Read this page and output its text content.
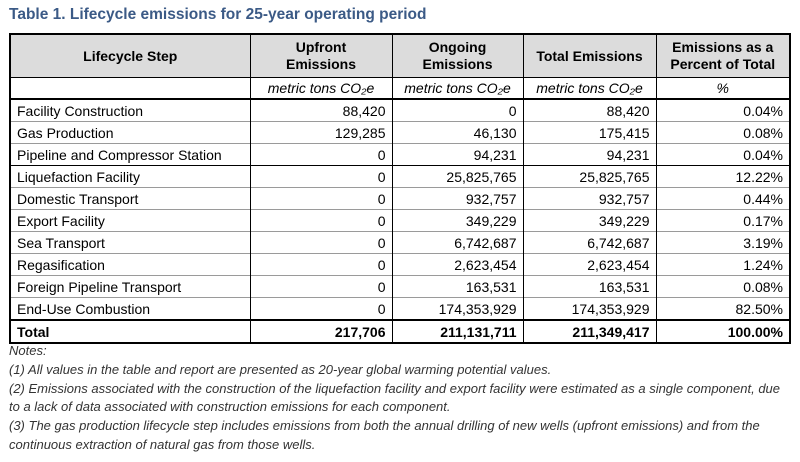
Table 1. Lifecycle emissions for 25-year operating period
Lifecycle Step	Upfront Emissions	Ongoing Emissions	Total Emissions	Emissions as a Percent of Total
	metric tons CO₂e	metric tons CO₂e	metric tons CO₂e	%
Facility Construction	88,420	0	88,420	0.04%
Gas Production	129,285	46,130	175,415	0.08%
Pipeline and Compressor Station	0	94,231	94,231	0.04%
Liquefaction Facility	0	25,825,765	25,825,765	12.22%
Domestic Transport	0	932,757	932,757	0.44%
Export Facility	0	349,229	349,229	0.17%
Sea Transport	0	6,742,687	6,742,687	3.19%
Regasification	0	2,623,454	2,623,454	1.24%
Foreign Pipeline Transport	0	163,531	163,531	0.08%
End-Use Combustion	0	174,353,929	174,353,929	82.50%
Total	217,706	211,131,711	211,349,417	100.00%

Notes:

(1) All values in the table and report are presented as 20-year global warming potential values.

(2) Emissions associated with the construction of the liquefaction facility and export facility were estimated as a single component, due to a lack of data associated with construction emissions for each component.

(3) The gas production lifecycle step includes emissions from both the annual drilling of new wells (upfront emissions) and from the continuous extraction of natural gas from those wells.
